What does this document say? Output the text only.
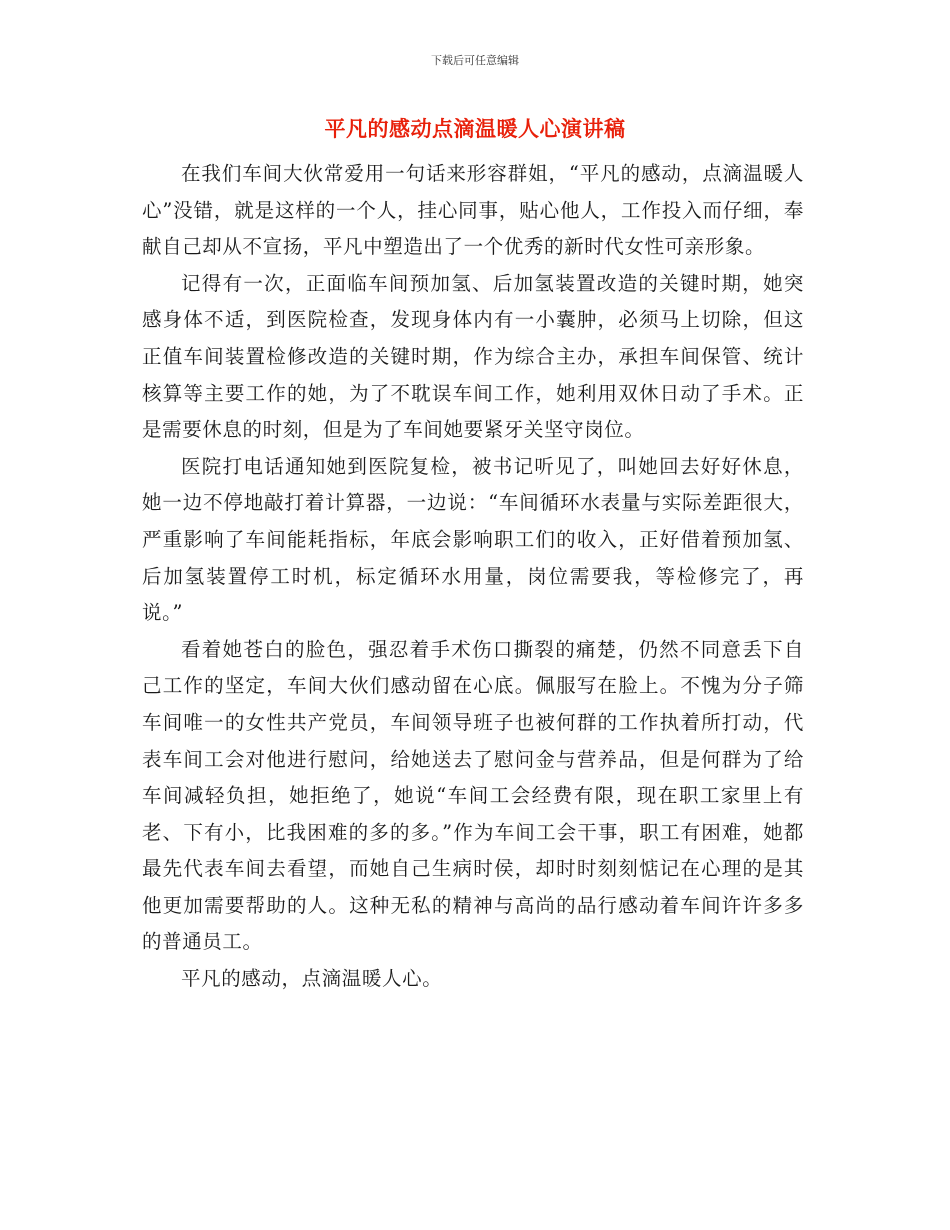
下载后可任意编辑
平凡的感动点滴温暖人心演讲稿

在我们车间大伙常爱用一句话来形容群姐，“平凡的感动，点滴温暖人心”没错，就是这样的一个人，挂心同事，贴心他人，工作投入而仔细，奉献自己却从不宣扬，平凡中塑造出了一个优秀的新时代女性可亲形象。

记得有一次，正面临车间预加氢、后加氢装置改造的关键时期，她突感身体不适，到医院检查，发现身体内有一小囊肿，必须马上切除，但这正值车间装置检修改造的关键时期，作为综合主办，承担车间保管、统计核算等主要工作的她，为了不耽误车间工作，她利用双休日动了手术。正是需要休息的时刻，但是为了车间她要紧牙关坚守岗位。

医院打电话通知她到医院复检，被书记听见了，叫她回去好好休息，她一边不停地敲打着计算器，一边说：“车间循环水表量与实际差距很大，严重影响了车间能耗指标，年底会影响职工们的收入，正好借着预加氢、后加氢装置停工时机，标定循环水用量，岗位需要我，等检修完了，再说。”

看着她苍白的脸色，强忍着手术伤口撕裂的痛楚，仍然不同意丢下自己工作的坚定，车间大伙们感动留在心底。佩服写在脸上。不愧为分子筛车间唯一的女性共产党员，车间领导班子也被何群的工作执着所打动，代表车间工会对他进行慰问，给她送去了慰问金与营养品，但是何群为了给车间减轻负担，她拒绝了，她说“车间工会经费有限，现在职工家里上有老、下有小，比我困难的多的多。”作为车间工会干事，职工有困难，她都最先代表车间去看望，而她自己生病时侯，却时时刻刻惦记在心理的是其他更加需要帮助的人。这种无私的精神与高尚的品行感动着车间许许多多的普通员工。

平凡的感动，点滴温暖人心。
